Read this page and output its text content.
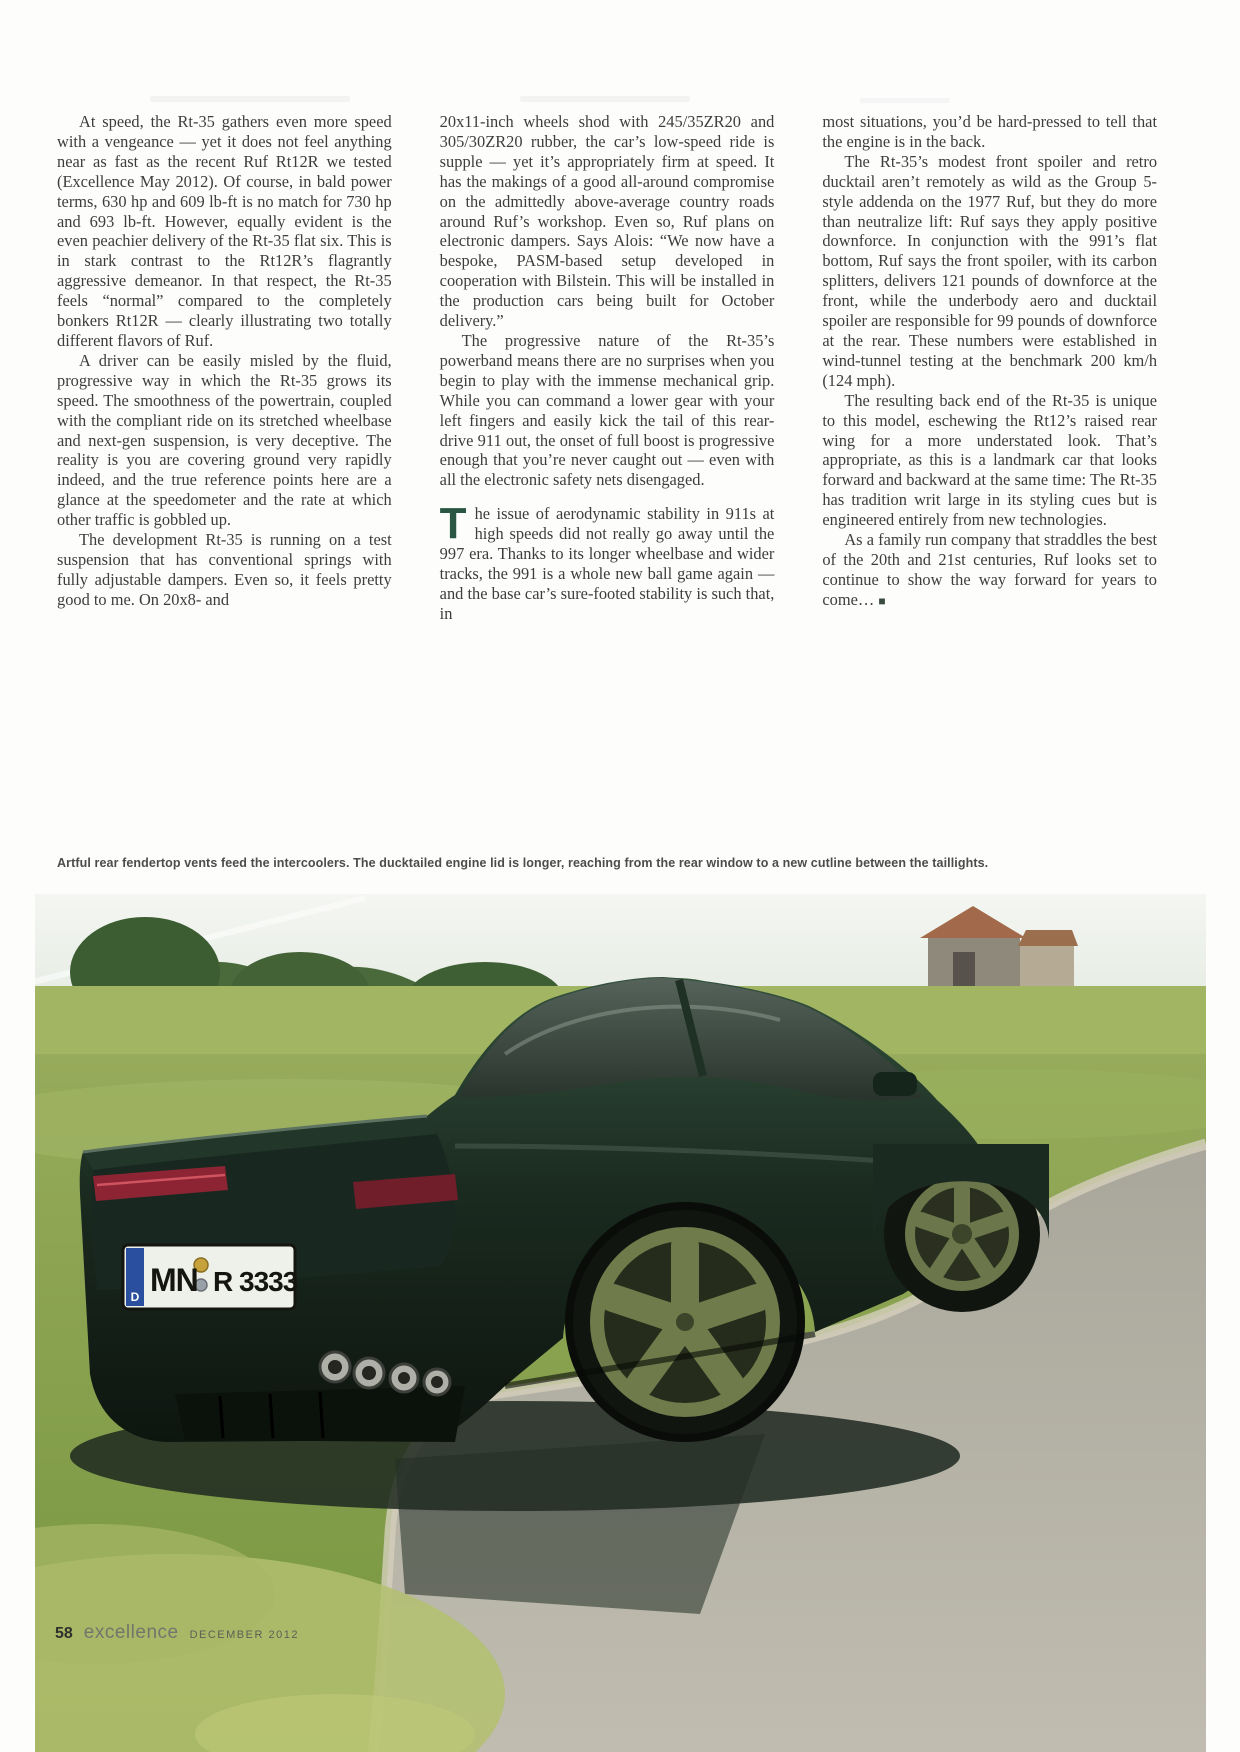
At speed, the Rt-35 gathers even more speed with a vengeance — yet it does not feel anything near as fast as the recent Ruf Rt12R we tested (Excellence May 2012). Of course, in bald power terms, 630 hp and 609 lb-ft is no match for 730 hp and 693 lb-ft. However, equally evident is the even peachier delivery of the Rt-35 flat six. This is in stark contrast to the Rt12R’s flagrantly aggressive demeanor. In that respect, the Rt-35 feels “normal” compared to the completely bonkers Rt12R — clearly illustrating two totally different flavors of Ruf.

A driver can be easily misled by the fluid, progressive way in which the Rt-35 grows its speed. The smoothness of the powertrain, coupled with the compliant ride on its stretched wheelbase and next-gen suspension, is very deceptive. The reality is you are covering ground very rapidly indeed, and the true reference points here are a glance at the speedometer and the rate at which other traffic is gobbled up.

The development Rt-35 is running on a test suspension that has conventional springs with fully adjustable dampers. Even so, it feels pretty good to me. On 20x8- and

20x11-inch wheels shod with 245/35ZR20 and 305/30ZR20 rubber, the car’s low-speed ride is supple — yet it’s appropriately firm at speed. It has the makings of a good all-around compromise on the admittedly above-average country roads around Ruf’s workshop. Even so, Ruf plans on electronic dampers. Says Alois: “We now have a bespoke, PASM-based setup developed in cooperation with Bilstein. This will be installed in the production cars being built for October delivery.”

The progressive nature of the Rt-35’s powerband means there are no surprises when you begin to play with the immense mechanical grip. While you can command a lower gear with your left fingers and easily kick the tail of this rear-drive 911 out, the onset of full boost is progressive enough that you’re never caught out — even with all the electronic safety nets disengaged.

The issue of aerodynamic stability in 911s at high speeds did not really go away until the 997 era. Thanks to its longer wheelbase and wider tracks, the 991 is a whole new ball game again — and the base car’s sure-footed stability is such that, in

most situations, you’d be hard-pressed to tell that the engine is in the back.

The Rt-35’s modest front spoiler and retro ducktail aren’t remotely as wild as the Group 5-style addenda on the 1977 Ruf, but they do more than neutralize lift: Ruf says they apply positive downforce. In conjunction with the 991’s flat bottom, Ruf says the front spoiler, with its carbon splitters, delivers 121 pounds of downforce at the front, while the underbody aero and ducktail spoiler are responsible for 99 pounds of downforce at the rear. These numbers were established in wind-tunnel testing at the benchmark 200 km/h (124 mph).

The resulting back end of the Rt-35 is unique to this model, eschewing the Rt12’s raised rear wing for a more understated look. That’s appropriate, as this is a landmark car that looks forward and backward at the same time: The Rt-35 has tradition writ large in its styling cues but is engineered entirely from new technologies.

As a family run company that straddles the best of the 20th and 21st centuries, Ruf looks set to continue to show the way forward for years to come… ■

Artful rear fendertop vents feed the intercoolers. The ducktailed engine lid is longer, reaching from the rear window to a new cutline between the taillights.
D MN R 3333
58 excellence DECEMBER 2012
